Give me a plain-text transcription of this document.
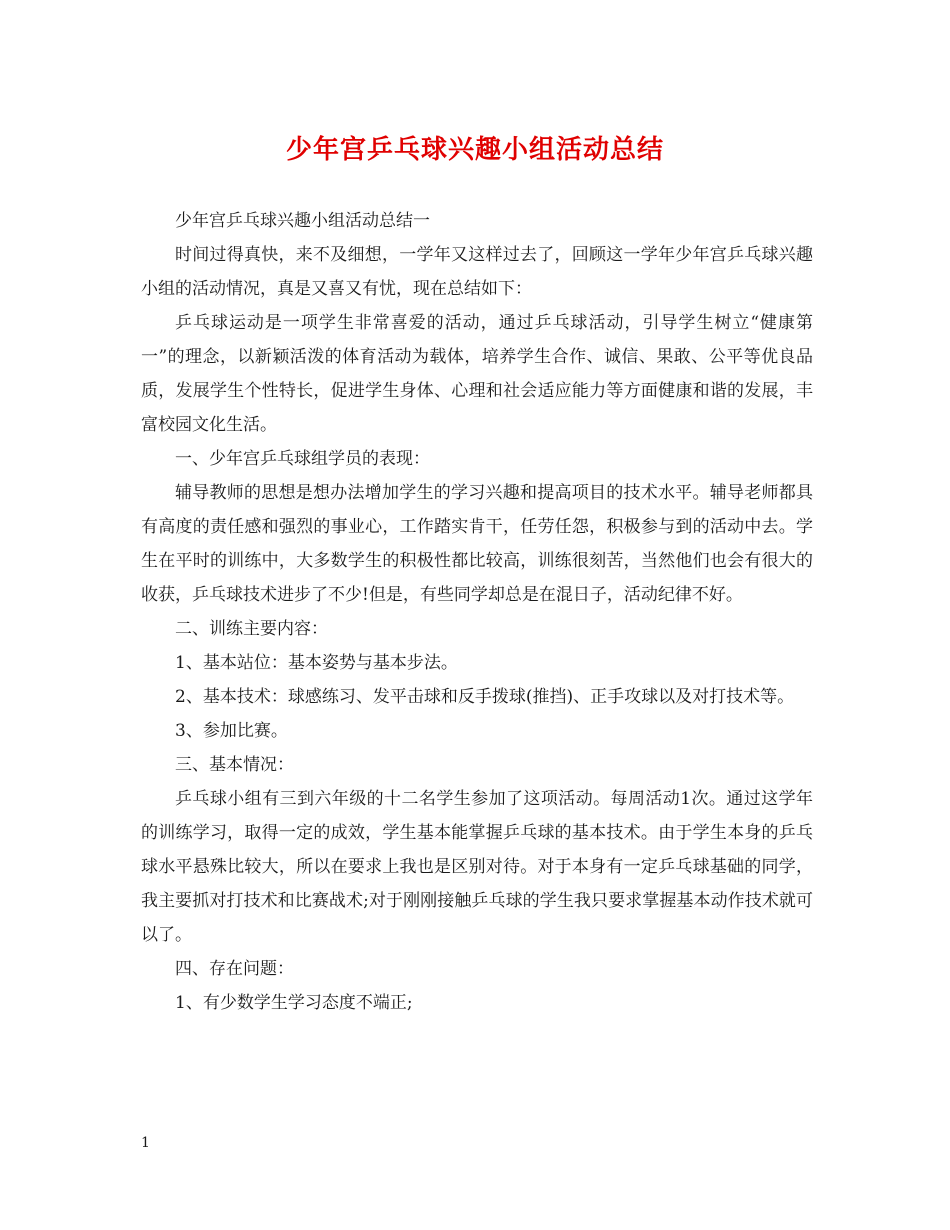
少年宫乒乓球兴趣小组活动总结

少年宫乒乓球兴趣小组活动总结一

时间过得真快，来不及细想，一学年又这样过去了，回顾这一学年少年宫乒乓球兴趣小组的活动情况，真是又喜又有忧，现在总结如下：

乒乓球运动是一项学生非常喜爱的活动，通过乒乓球活动，引导学生树立“健康第一”的理念，以新颖活泼的体育活动为载体，培养学生合作、诚信、果敢、公平等优良品质，发展学生个性特长，促进学生身体、心理和社会适应能力等方面健康和谐的发展，丰富校园文化生活。

一、少年宫乒乓球组学员的表现：

辅导教师的思想是想办法增加学生的学习兴趣和提高项目的技术水平。辅导老师都具有高度的责任感和强烈的事业心，工作踏实肯干，任劳任怨，积极参与到的活动中去。学生在平时的训练中，大多数学生的积极性都比较高，训练很刻苦，当然他们也会有很大的收获，乒乓球技术进步了不少!但是，有些同学却总是在混日子，活动纪律不好。

二、训练主要内容：

1、基本站位：基本姿势与基本步法。

2、基本技术：球感练习、发平击球和反手拨球(推挡)、正手攻球以及对打技术等。

3、参加比赛。

三、基本情况：

乒乓球小组有三到六年级的十二名学生参加了这项活动。每周活动1次。通过这学年的训练学习，取得一定的成效，学生基本能掌握乒乓球的基本技术。由于学生本身的乒乓球水平悬殊比较大，所以在要求上我也是区别对待。对于本身有一定乒乓球基础的同学，我主要抓对打技术和比赛战术;对于刚刚接触乒乓球的学生我只要求掌握基本动作技术就可以了。

四、存在问题：

1、有少数学生学习态度不端正;

1
